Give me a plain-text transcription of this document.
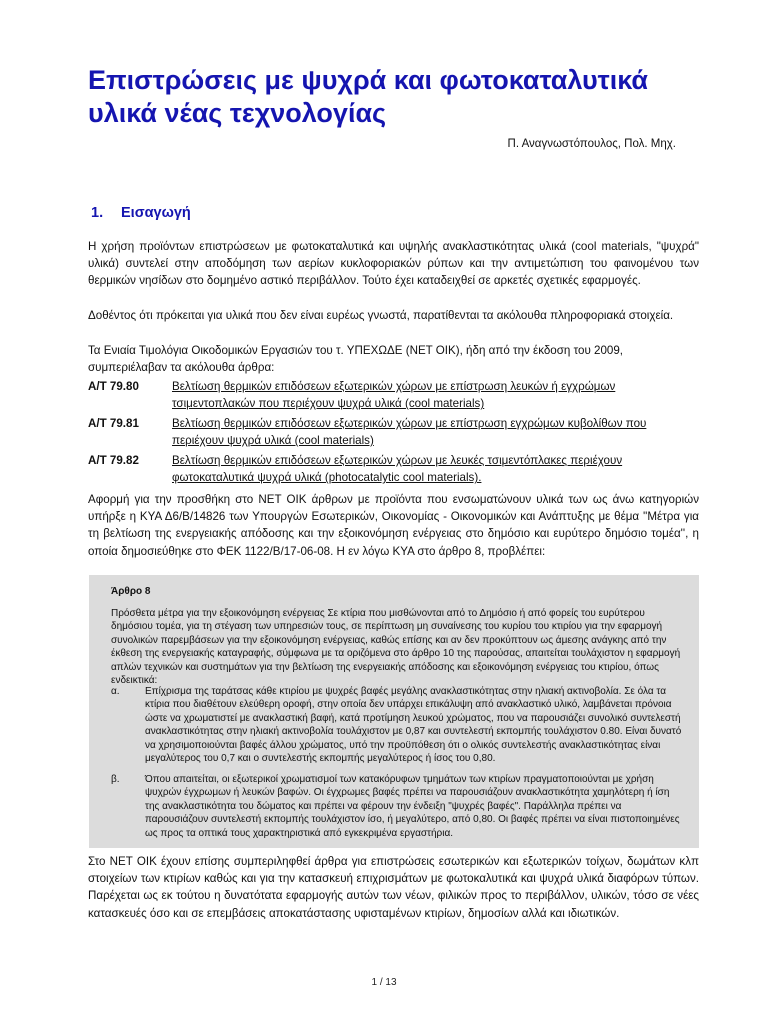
Επιστρώσεις με ψυχρά και φωτοκαταλυτικά υλικά νέας τεχνολογίας
Π. Αναγνωστόπουλος, Πολ. Μηχ.
1. Εισαγωγή

Η χρήση προϊόντων επιστρώσεων με φωτοκαταλυτικά και υψηλής ανακλαστικότητας υλικά (cool materials, "ψυχρά" υλικά) συντελεί στην αποδόμηση των αερίων κυκλοφοριακών ρύπων και την αντιμετώπιση του φαινομένου των θερμικών νησίδων στο δομημένο αστικό περιβάλλον. Τούτο έχει καταδειχθεί σε αρκετές σχετικές εφαρμογές.

Δοθέντος ότι πρόκειται για υλικά που δεν είναι ευρέως γνωστά, παρατίθενται τα ακόλουθα πληροφοριακά στοιχεία.

Τα Ενιαία Τιμολόγια Οικοδομικών Εργασιών του τ. ΥΠΕΧΩΔΕ (ΝΕΤ ΟΙΚ), ήδη από την έκδοση του 2009, συμπεριέλαβαν τα ακόλουθα άρθρα:

Α/Τ 79.80	Βελτίωση θερμικών επιδόσεων εξωτερικών χώρων με επίστρωση λευκών ή εγχρώμων τσιμεντοπλακών που περιέχουν ψυχρά υλικά (cool materials)
Α/Τ 79.81	Βελτίωση θερμικών επιδόσεων εξωτερικών χώρων με επίστρωση εγχρώμων κυβολίθων που περιέχουν ψυχρά υλικά (cool materials)
Α/Τ 79.82	Βελτίωση θερμικών επιδόσεων εξωτερικών χώρων με λευκές τσιμεντόπλακες περιέχουν φωτοκαταλυτικά ψυχρά υλικά (photocatalytic cool materials).

Αφορμή για την προσθήκη στο ΝΕΤ ΟΙΚ άρθρων με προϊόντα που ενσωματώνουν υλικά των ως άνω κατηγοριών υπήρξε η ΚΥΑ Δ6/Β/14826 των Υπουργών Εσωτερικών, Οικονομίας - Οικονομικών και Ανάπτυξης με θέμα ''Μέτρα για τη βελτίωση της ενεργειακής απόδοσης και την εξοικονόμηση ενέργειας στο δημόσιο και ευρύτερο δημόσιο τομέα'', η οποία δημοσιεύθηκε στο ΦΕΚ 1122/Β/17-06-08. Η εν λόγω ΚΥΑ στο άρθρο 8, προβλέπει:

Άρθρο 8

Πρόσθετα μέτρα για την εξοικονόμηση ενέργειας Σε κτίρια που μισθώνονται από το Δημόσιο ή από φορείς του ευρύτερου δημόσιου τομέα, για τη στέγαση των υπηρεσιών τους, σε περίπτωση μη συναίνεσης του κυρίου του κτιρίου για την εφαρμογή συνολικών παρεμβάσεων για την εξοικονόμηση ενέργειας, καθώς επίσης και αν δεν προκύπτουν ως άμεσης ανάγκης από την έκθεση της ενεργειακής καταγραφής, σύμφωνα με τα οριζόμενα στο άρθρο 10 της παρούσας, απαιτείται τουλάχιστον η εφαρμογή απλών τεχνικών και συστημάτων για την βελτίωση της ενεργειακής απόδοσης και εξοικονόμηση ενέργειας του κτιρίου, όπως ενδεικτικά:

α.	Επίχρισμα της ταράτσας κάθε κτιρίου με ψυχρές βαφές μεγάλης ανακλαστικότητας στην ηλιακή ακτινοβολία. Σε όλα τα κτίρια που διαθέτουν ελεύθερη οροφή, στην οποία δεν υπάρχει επικάλυψη από ανακλαστικό υλικό, λαμβάνεται πρόνοια ώστε να χρωματιστεί με ανακλαστική βαφή, κατά προτίμηση λευκού χρώματος, που να παρουσιάζει συνολικό συντελεστή ανακλαστικότητας στην ηλιακή ακτινοβολία τουλάχιστον με 0,87 και συντελεστή εκπομπής τουλάχιστον 0.80. Είναι δυνατό να χρησιμοποιούνται βαφές άλλου χρώματος, υπό την προϋπόθεση ότι ο ολικός συντελεστής ανακλαστικότητας είναι μεγαλύτερος του 0,7 και ο συντελεστής εκπομπής μεγαλύτερος ή ίσος του 0,80.
β.	Όπου απαιτείται, οι εξωτερικοί χρωματισμοί των κατακόρυφων τμημάτων των κτιρίων πραγματοποιούνται με χρήση ψυχρών έγχρωμων ή λευκών βαφών. Οι έγχρωμες βαφές πρέπει να παρουσιάζουν ανακλαστικότητα χαμηλότερη ή ίση της ανακλαστικότητα του δώματος και πρέπει να φέρουν την ένδειξη "ψυχρές βαφές". Παράλληλα πρέπει να παρουσιάζουν συντελεστή εκπομπής τουλάχιστον ίσο, ή μεγαλύτερο, από 0,80. Οι βαφές πρέπει να είναι πιστοποιημένες ως προς τα οπτικά τους χαρακτηριστικά από εγκεκριμένα εργαστήρια.

Στο ΝΕΤ ΟΙΚ έχουν επίσης συμπεριληφθεί άρθρα για επιστρώσεις εσωτερικών και εξωτερικών τοίχων, δωμάτων κλπ στοιχείων των κτιρίων καθώς και για την κατασκευή επιχρισμάτων με φωτοκαλυτικά και ψυχρά υλικά διαφόρων τύπων. Παρέχεται ως εκ τούτου η δυνατότατα εφαρμογής αυτών των νέων, φιλικών προς το περιβάλλον, υλικών, τόσο σε νέες κατασκευές όσο και σε επεμβάσεις αποκατάστασης υφισταμένων κτιρίων, δημοσίων αλλά και ιδιωτικών.

1 / 13
